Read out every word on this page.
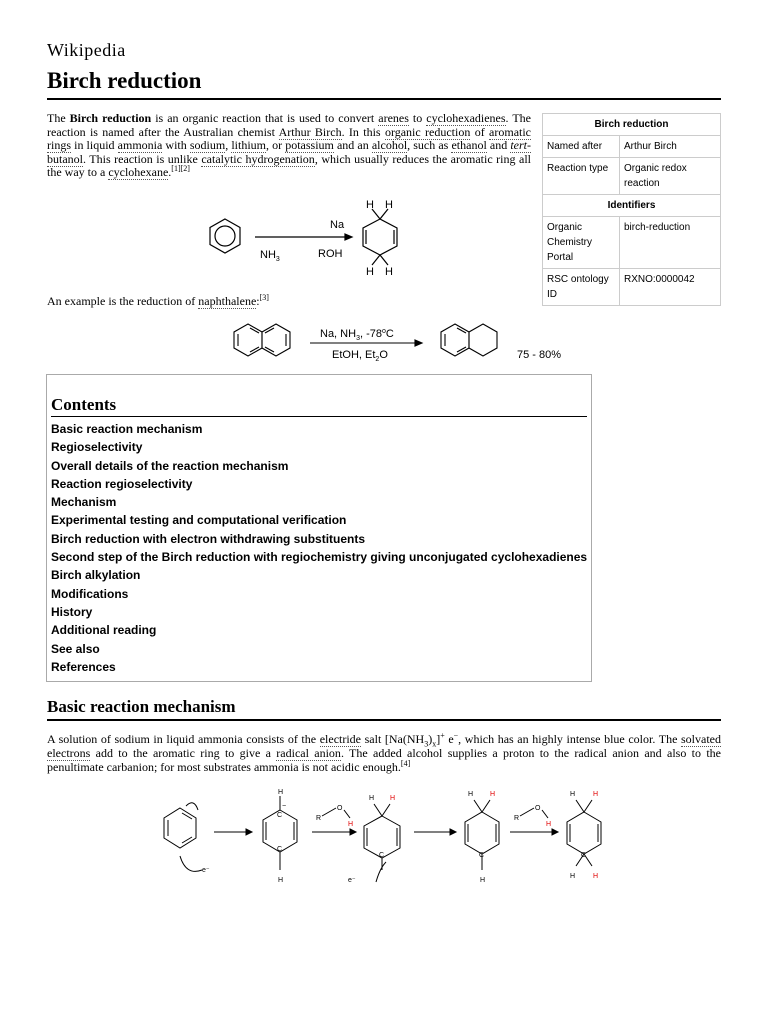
Wikipedia
Birch reduction
The Birch reduction is an organic reaction that is used to convert arenes to cyclohexadienes. The reaction is named after the Australian chemist Arthur Birch. In this organic reduction of aromatic rings in liquid ammonia with sodium, lithium, or potassium and an alcohol, such as ethanol and tert-butanol. This reaction is unlike catalytic hydrogenation, which usually reduces the aromatic ring all the way to a cyclohexane.[1][2]
Birch reduction	
Named after	Arthur Birch
Reaction type	Organic redox reaction
Identifiers	
Organic Chemistry Portal	birch-reduction
RSC ontology ID	RXNO:0000042
Na
$NH_3$	ROH
H H
H H
An example is the reduction of naphthalene:[3]
Na, $NH_3$, -78$^o$C
EtOH, $Et_2O$	75 - 80%
Contents
Basic reaction mechanism
Regioselectivity
Overall details of the reaction mechanism
Reaction regioselectivity
Mechanism
Experimental testing and computational verification
Birch reduction with electron withdrawing substituents
Second step of the Birch reduction with regiochemistry giving unconjugated cyclohexadienes
Birch alkylation
Modifications
History
Additional reading
See also
References
Basic reaction mechanism
A solution of sodium in liquid ammonia consists of the electride salt $[Na(NH_3)_x]^+$ e−, which has an highly intense blue color. The solvated electrons add to the aromatic ring to give a radical anion. The added alcohol supplies a proton to the radical anion and also to the penultimate carbanion; for most substrates ammonia is not acidic enough.[4]
e⁻
H
−
C
C
H
R
O
H
H H
C
e⁻
H H
C
H
R
O
H
H	H
C
H	H
